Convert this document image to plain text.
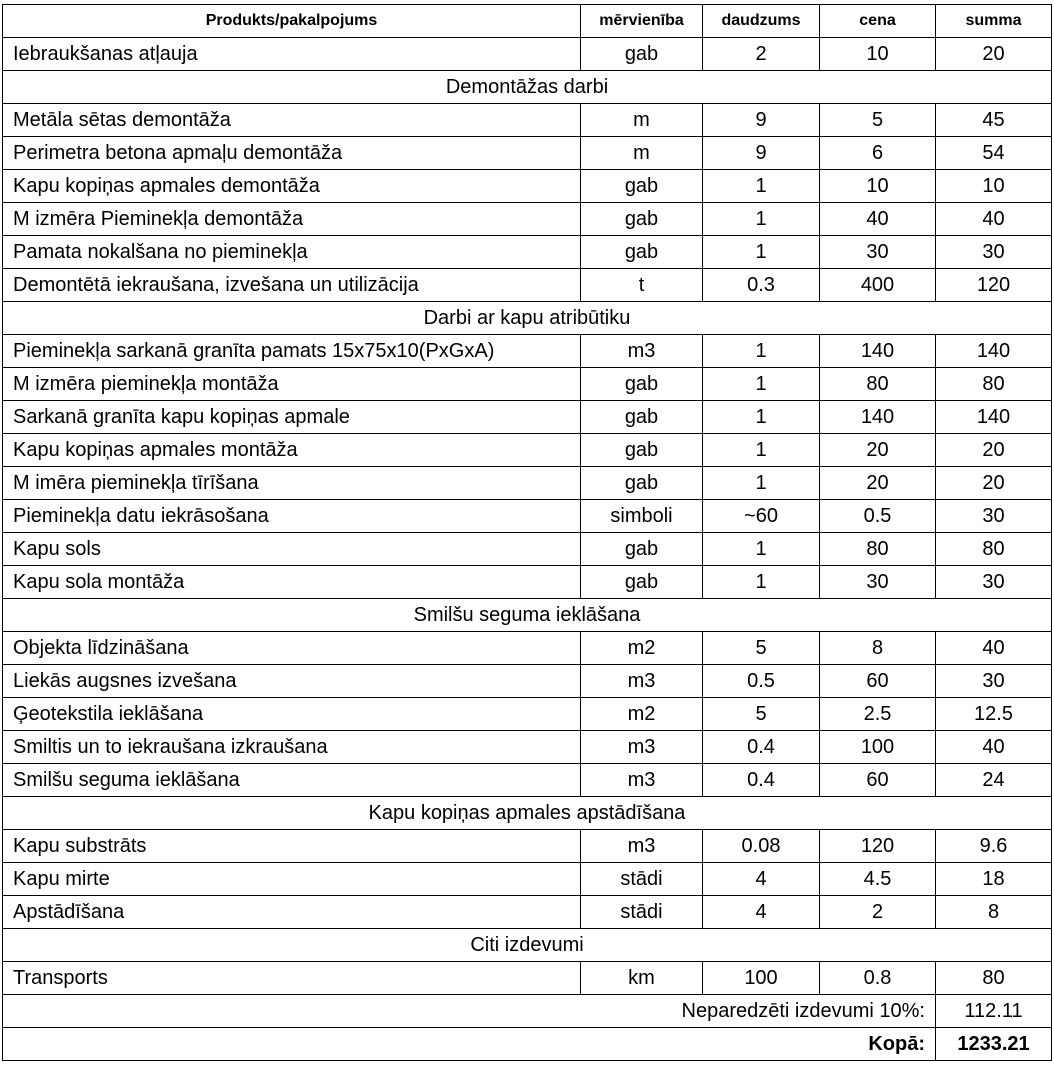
Produkts/pakalpojums	mērvienība	daudzums	cena	summa
Iebraukšanas atļauja	gab	2	10	20
Demontāžas darbi				
Metāla sētas demontāža	m	9	5	45
Perimetra betona apmaļu demontāža	m	9	6	54
Kapu kopiņas apmales demontāža	gab	1	10	10
M izmēra Pieminekļa demontāža	gab	1	40	40
Pamata nokalšana no pieminekļa	gab	1	30	30
Demontētā iekraušana, izvešana un utilizācija	t	0.3	400	120
Darbi ar kapu atribūtiku				
Pieminekļa sarkanā granīta pamats 15x75x10(PxGxA)	m3	1	140	140
M izmēra pieminekļa montāža	gab	1	80	80
Sarkanā granīta kapu kopiņas apmale	gab	1	140	140
Kapu kopiņas apmales montāža	gab	1	20	20
M imēra pieminekļa tīrīšana	gab	1	20	20
Pieminekļa datu iekrāsošana	simboli	~60	0.5	30
Kapu sols	gab	1	80	80
Kapu sola montāža	gab	1	30	30
Smilšu seguma ieklāšana				
Objekta līdzināšana	m2	5	8	40
Liekās augsnes izvešana	m3	0.5	60	30
Ģeotekstila ieklāšana	m2	5	2.5	12.5
Smiltis un to iekraušana izkraušana	m3	0.4	100	40
Smilšu seguma ieklāšana	m3	0.4	60	24
Kapu kopiņas apmales apstādīšana				
Kapu substrāts	m3	0.08	120	9.6
Kapu mirte	stādi	4	4.5	18
Apstādīšana	stādi	4	2	8
Citi izdevumi				
Transports	km	100	0.8	80
Neparedzēti izdevumi 10%:				112.11
Kopā:				1233.21
